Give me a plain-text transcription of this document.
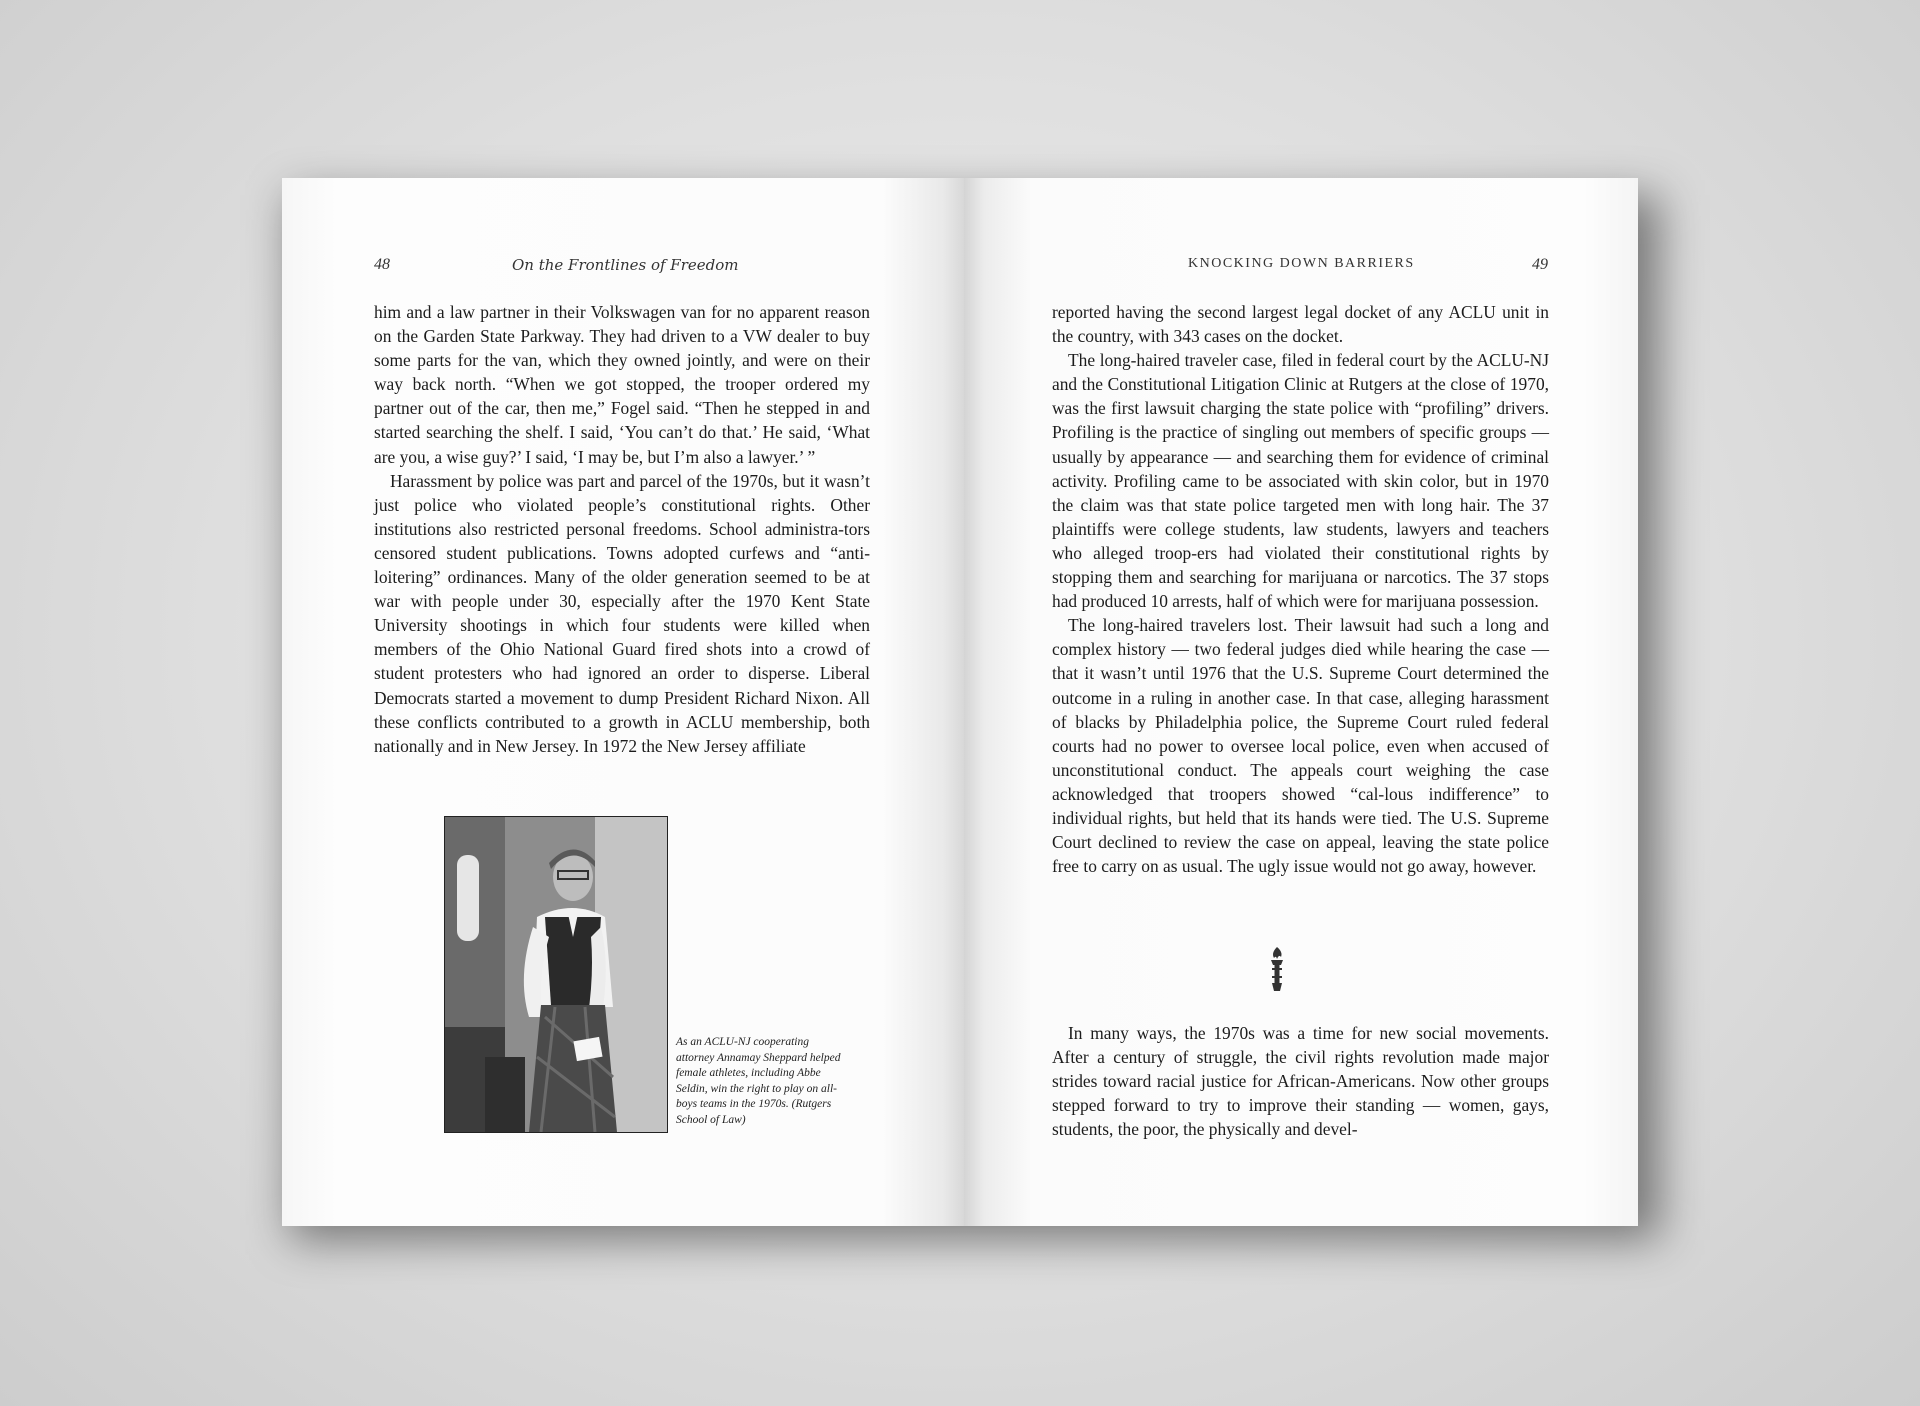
48	On the Frontlines of Freedom

him and a law partner in their Volkswagen van for no apparent reason on the Garden State Parkway. They had driven to a VW dealer to buy some parts for the van, which they owned jointly, and were on their way back north. “When we got stopped, the trooper ordered my partner out of the car, then me,” Fogel said. “Then he stepped in and started searching the shelf. I said, ‘You can’t do that.’ He said, ‘What are you, a wise guy?’ I said, ‘I may be, but I’m also a lawyer.’ ”

Harassment by police was part and parcel of the 1970s, but it wasn’t just police who violated people’s constitutional rights. Other institutions also restricted personal freedoms. School administra-tors censored student publications. Towns adopted curfews and “anti-loitering” ordinances. Many of the older generation seemed to be at war with people under 30, especially after the 1970 Kent State University shootings in which four students were killed when members of the Ohio National Guard fired shots into a crowd of student protesters who had ignored an order to disperse. Liberal Democrats started a movement to dump President Richard Nixon. All these conflicts contributed to a growth in ACLU membership, both nationally and in New Jersey. In 1972 the New Jersey affiliate

As an ACLU-NJ cooperating attorney Annamay Sheppard helped female athletes, including Abbe Seldin, win the right to play on all-boys teams in the 1970s. (Rutgers School of Law)
KNOCKING DOWN BARRIERS	49

reported having the second largest legal docket of any ACLU unit in the country, with 343 cases on the docket.

The long-haired traveler case, filed in federal court by the ACLU-NJ and the Constitutional Litigation Clinic at Rutgers at the close of 1970, was the first lawsuit charging the state police with “profiling” drivers. Profiling is the practice of singling out members of specific groups — usually by appearance — and searching them for evidence of criminal activity. Profiling came to be associated with skin color, but in 1970 the claim was that state police targeted men with long hair. The 37 plaintiffs were college students, law students, lawyers and teachers who alleged troop-ers had violated their constitutional rights by stopping them and searching for marijuana or narcotics. The 37 stops had produced 10 arrests, half of which were for marijuana possession.

The long-haired travelers lost. Their lawsuit had such a long and complex history — two federal judges died while hearing the case — that it wasn’t until 1976 that the U.S. Supreme Court determined the outcome in a ruling in another case. In that case, alleging harassment of blacks by Philadelphia police, the Supreme Court ruled federal courts had no power to oversee local police, even when accused of unconstitutional conduct. The appeals court weighing the case acknowledged that troopers showed “cal-lous indifference” to individual rights, but held that its hands were tied. The U.S. Supreme Court declined to review the case on appeal, leaving the state police free to carry on as usual. The ugly issue would not go away, however.

In many ways, the 1970s was a time for new social movements. After a century of struggle, the civil rights revolution made major strides toward racial justice for African-Americans. Now other groups stepped forward to try to improve their standing — women, gays, students, the poor, the physically and devel-
